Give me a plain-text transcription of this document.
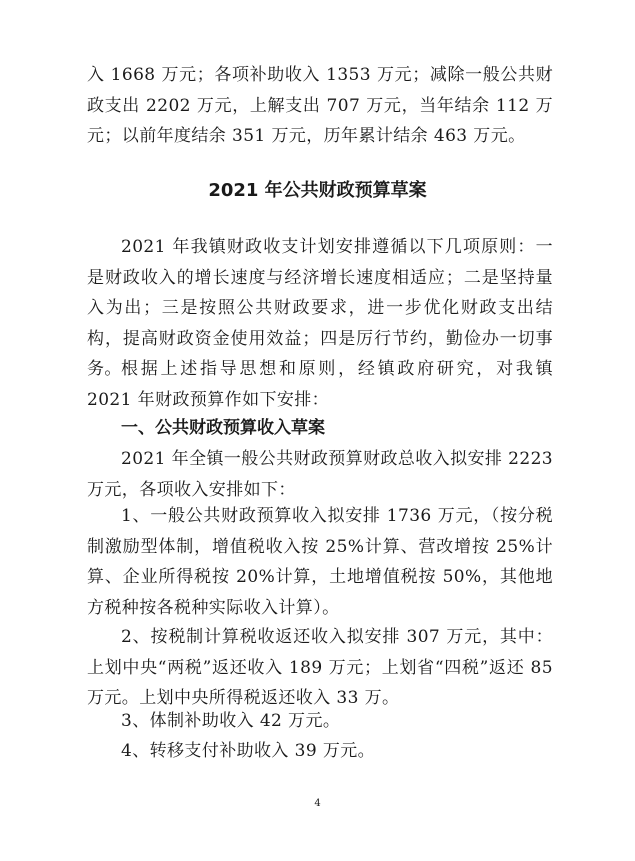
入 1668 万元；各项补助收入 1353 万元；减除一般公共财政支出 2202 万元，上解支出 707 万元，当年结余 112 万元；以前年度结余 351 万元，历年累计结余 463 万元。

2021 年公共财政预算草案

2021 年我镇财政收支计划安排遵循以下几项原则：一是财政收入的增长速度与经济增长速度相适应；二是坚持量入为出；三是按照公共财政要求，进一步优化财政支出结构，提高财政资金使用效益；四是厉行节约，勤俭办一切事务。 根据上述指导思想和原则，经镇政府研究，对我镇 2021 年财政预算作如下安排：

一、公共财政预算收入草案

2021 年全镇一般公共财政预算财政总收入拟安排 2223 万元，各项收入安排如下：

1、一般公共财政预算收入拟安排 1736 万元，（按分税制激励型体制，增值税收入按 25%计算、营改增按 25%计算、企业所得税按 20%计算，土地增值税按 50%，其他地方税种按各税种实际收入计算）。

2、按税制计算税收返还收入拟安排 307 万元，其中：上划中央“两税”返还收入 189 万元；上划省“四税”返还 85 万元。上划中央所得税返还收入 33 万。

3、体制补助收入 42 万元。

4、转移支付补助收入 39 万元。

4
